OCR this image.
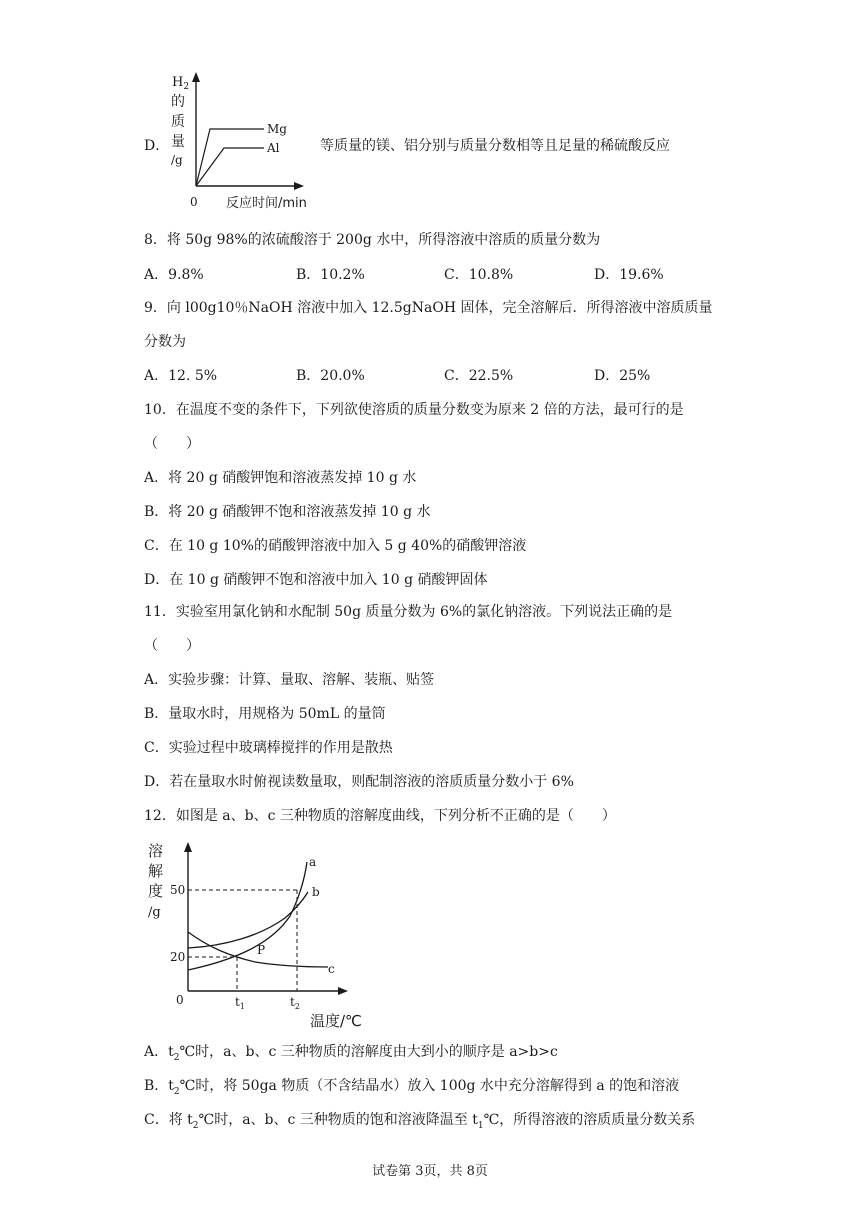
D．
$H_2$
的
质
量
/g
0 反应时间/min
Mg
Al	等质量的镁、铝分别与质量分数相等且足量的稀硫酸反应
8．将 50g 98%的浓硫酸溶于 200g 水中，所得溶液中溶质的质量分数为
A．9.8%	B．10.2%	C．10.8%	D．19.6%
9．向 l00g10％NaOH 溶液中加入 12.5gNaOH 固体，完全溶解后．所得溶液中溶质质量
分数为
A．12. 5%	B．20.0%	C．22.5%	D．25%
10．在温度不变的条件下，下列欲使溶质的质量分数变为原来 2 倍的方法，最可行的是
（　　）
A．将 20 g 硝酸钾饱和溶液蒸发掉 10 g 水
B．将 20 g 硝酸钾不饱和溶液蒸发掉 10 g 水
C．在 10 g 10%的硝酸钾溶液中加入 5 g 40%的硝酸钾溶液
D．在 10 g 硝酸钾不饱和溶液中加入 10 g 硝酸钾固体
11．实验室用氯化钠和水配制 50g 质量分数为 6%的氯化钠溶液。下列说法正确的是
（　　）
A．实验步骤：计算、量取、溶解、装瓶、贴签
B．量取水时，用规格为 50mL 的量筒
C．实验过程中玻璃棒搅拌的作用是散热
D．若在量取水时俯视读数量取，则配制溶液的溶质质量分数小于 6%
12．如图是 a、b、c 三种物质的溶解度曲线，下列分析不正确的是（　　）
溶
解
度
/g
50
20
0	$t_1$	$t_2$
温度/℃
P
a
b
c
A．$t_2℃$时，a、b、c 三种物质的溶解度由大到小的顺序是 a>b>c
B．$t_2℃$时，将 50ga 物质（不含结晶水）放入 100g 水中充分溶解得到 a 的饱和溶液
C．将 $t_2℃$时，a、b、c 三种物质的饱和溶液降温至 $t_1℃$，所得溶液的溶质质量分数关系
试卷第 3页，共 8页
